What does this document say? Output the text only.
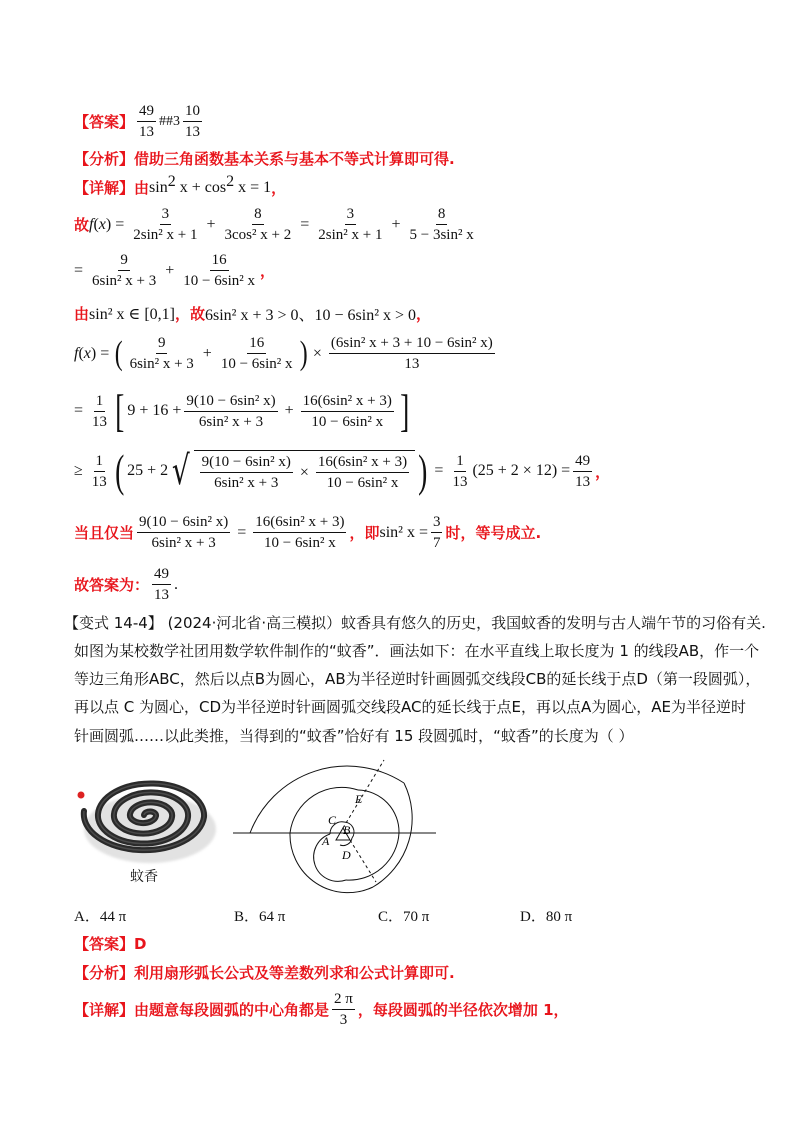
【答案】 $\frac{49}{13}$ ##3 $\frac{10}{13}$
【分析】 借助三角函数基本关系与基本不等式计算即可得.
【详解】 由 $\sin^2$
$x + \cos^2$
x = 1 ，
故 f ( x ) = $\frac{3}{\text{2sin² x + 1}} + \frac{8}{\text{3cos² x + 2}} = \frac{3}{\text{2sin² x + 1}} + \frac{8}{\text{5 − 3sin² x}}$
= $\frac{9}{\text{6sin² x + 3}} + \frac{16}{\text{10 − 6sin² x}}$ ，
由 sin² x ∈ [0,1] ，故 6sin² x + 3 > 0、10 − 6sin² x > 0 ，
f ( x ) = ( $\frac{9}{\text{6sin² x + 3}} + \frac{16}{\text{10 − 6sin² x}}$ ) × $\frac{\text{(6sin² x + 3 + 10 − 6sin² x)}}{13}$
= $\frac{1}{13}$ [ $9 + 16 + \frac{\text{9(10 − 6sin² x)}}{\text{6sin² x + 3}} + \frac{\text{16(6sin² x + 3)}}{\text{10 − 6sin² x}}$ ]
≥ $\frac{1}{13}$ ( 25 + 2 √ $\frac{\text{9(10 − 6sin² x)}}{\text{6sin² x + 3}} \times \frac{\text{16(6sin² x + 3)}}{\text{10 − 6sin² x}}$ ) = $\frac{1}{13} (25 + 2 \times 12) = \frac{49}{13}$ ，
当且仅当 $\frac{\text{9(10 − 6sin² x)}}{\text{6sin² x + 3}} = \frac{\text{16(6sin² x + 3)}}{\text{10 − 6sin² x}}$ ，即 sin² $x = \frac{3}{7}$ 时，等号成立.
故答案为： $\frac{49}{13}$ .
【变式 14-4】 (2024·河北省·高三模拟）蚊香具有悠久的历史，我国蚊香的发明与古人端午节的习俗有关.
如图为某校数学社团用数学软件制作的“蚊香”．画法如下：在水平直线上取长度为 1 的线段AB，作一个
等边三角形ABC，然后以点B为圆心，AB为半径逆时针画圆弧交线段CB的延长线于点D（第一段圆弧），
再以点 C 为圆心，CD为半径逆时针画圆弧交线段AC的延长线于点E，再以点A为圆心，AE为半径逆时
针画圆弧……以此类推，当得到的“蚊香”恰好有 15 段圆弧时，“蚊香”的长度为（ ）
蚊香
E
C
B
A
D
A．44 π	B．64 π	C．70 π	D．80 π
【答案】 D
【分析】 利用扇形弧长公式及等差数列求和公式计算即可.
【详解】 由题意每段圆弧的中心角都是 $\frac{2 \pi}{3}$ ，每段圆弧的半径依次增加 1，
